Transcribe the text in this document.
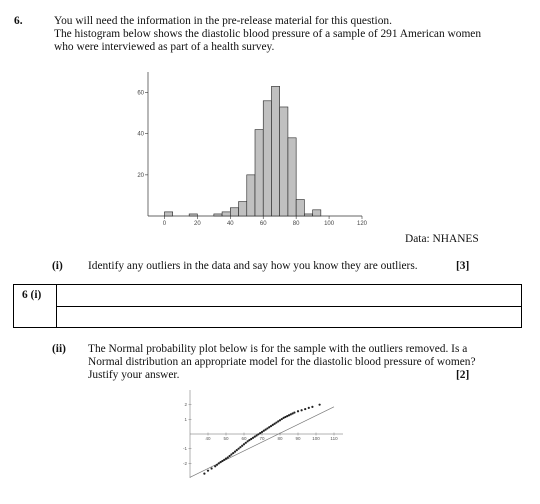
6.	You will need the information in the pre-release material for this question.
The histogram below shows the diastolic blood pressure of a sample of 291 American women
who were interviewed as part of a health survey.
20
40
60
0	20	40	60	80	100	120
Data: NHANES
(i) Identify any outliers in the data and say how you know they are outliers.	[3]
6 (i)
(ii) The Normal probability plot below is for the sample with the outliers removed. Is a
Normal distribution an appropriate model for the diastolic blood pressure of women?
Justify your answer.	[2]
40	50	60	70	80	90	100 110
2
1
-1
-2
